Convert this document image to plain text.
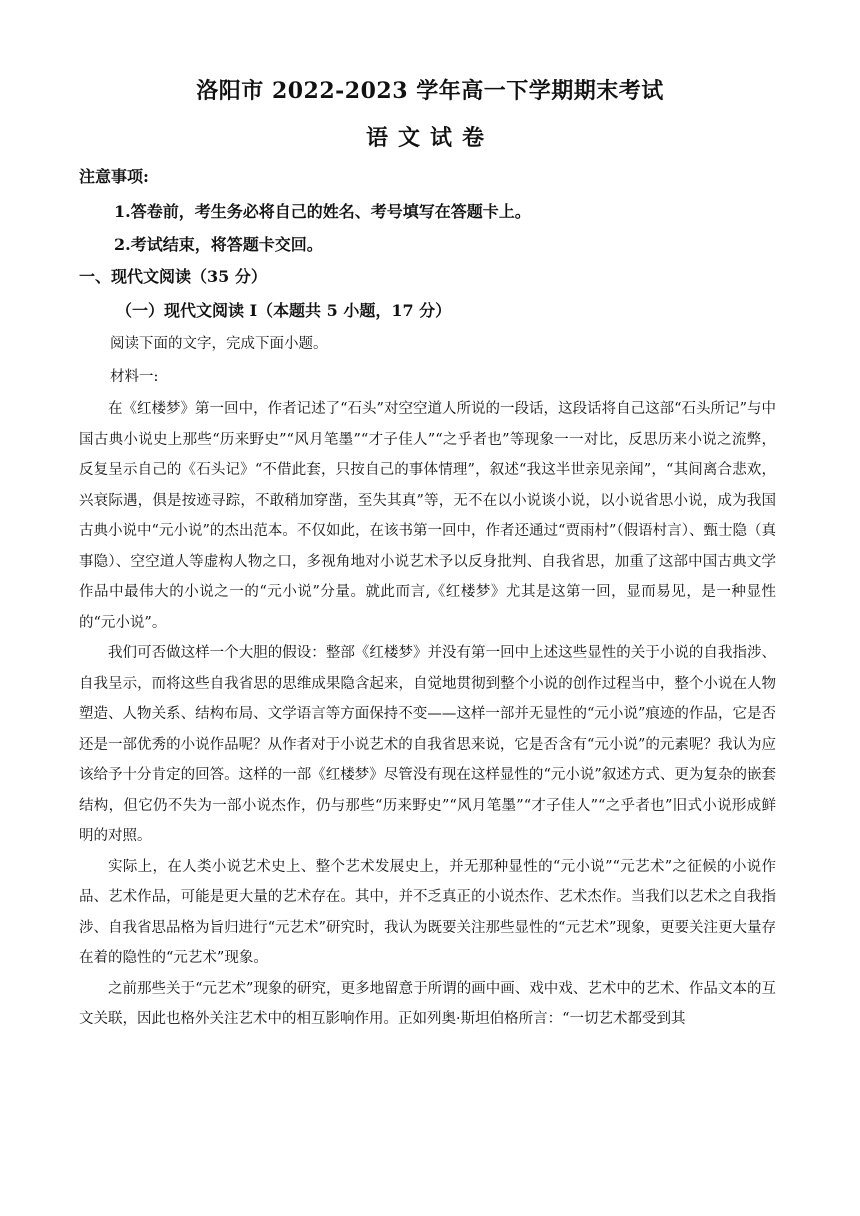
洛阳市 2022-2023 学年高一下学期期末考试
语文试卷
注意事项:
1.答卷前，考生务必将自己的姓名、考号填写在答题卡上。
2.考试结束，将答题卡交回。
一、现代文阅读（35 分）
（一）现代文阅读 I（本题共 5 小题，17 分）
阅读下面的文字，完成下面小题。
材料一:

在《红楼梦》第一回中，作者记述了“石头”对空空道人所说的一段话，这段话将自己这部“石头所记”与中国古典小说史上那些“历来野史”“风月笔墨”“才子佳人”“之乎者也”等现象一一对比，反思历来小说之流弊，反复呈示自己的《石头记》“不借此套，只按自己的事体情理”，叙述“我这半世亲见亲闻”，“其间离合悲欢，兴衰际遇，俱是按迹寻踪，不敢稍加穿凿，至失其真”等，无不在以小说谈小说，以小说省思小说，成为我国古典小说中“元小说”的杰出范本。不仅如此，在该书第一回中，作者还通过“贾雨村”（假语村言）、甄士隐（真事隐）、空空道人等虚构人物之口，多视角地对小说艺术予以反身批判、自我省思，加重了这部中国古典文学作品中最伟大的小说之一的“元小说”分量。就此而言,《红楼梦》尤其是这第一回，显而易见，是一种显性的“元小说”。

我们可否做这样一个大胆的假设：整部《红楼梦》并没有第一回中上述这些显性的关于小说的自我指涉、自我呈示，而将这些自我省思的思维成果隐含起来，自觉地贯彻到整个小说的创作过程当中，整个小说在人物塑造、人物关系、结构布局、文学语言等方面保持不变——这样一部并无显性的“元小说”痕迹的作品，它是否还是一部优秀的小说作品呢？从作者对于小说艺术的自我省思来说，它是否含有“元小说”的元素呢？我认为应该给予十分肯定的回答。这样的一部《红楼梦》尽管没有现在这样显性的“元小说”叙述方式、更为复杂的嵌套结构，但它仍不失为一部小说杰作，仍与那些“历来野史”“风月笔墨”“才子佳人”“之乎者也”旧式小说形成鲜明的对照。

实际上，在人类小说艺术史上、整个艺术发展史上，并无那种显性的“元小说”“元艺术”之征候的小说作品、艺术作品，可能是更大量的艺术存在。其中，并不乏真正的小说杰作、艺术杰作。当我们以艺术之自我指涉、自我省思品格为旨归进行“元艺术”研究时，我认为既要关注那些显性的“元艺术”现象，更要关注更大量存在着的隐性的“元艺术”现象。

之前那些关于“元艺术”现象的研究，更多地留意于所谓的画中画、戏中戏、艺术中的艺术、作品文本的互文关联，因此也格外关注艺术中的相互影响作用。正如列奥·斯坦伯格所言：“一切艺术都受到其
